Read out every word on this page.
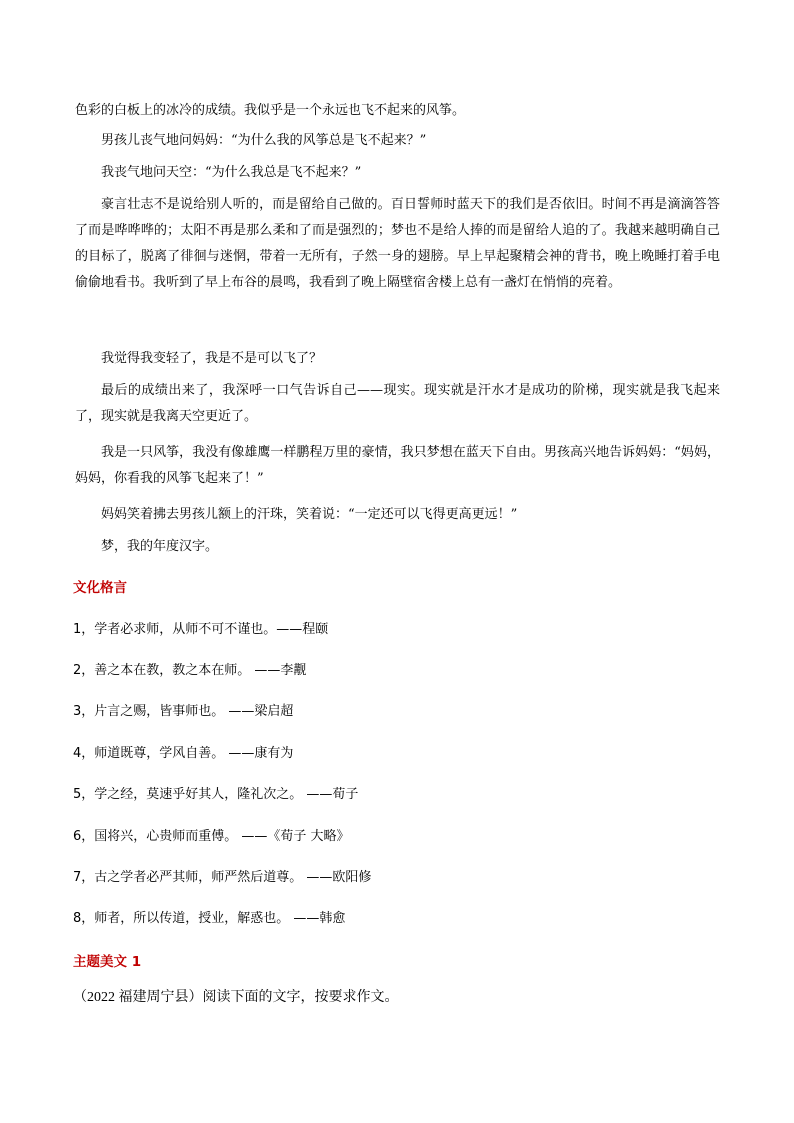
色彩的白板上的冰冷的成绩。我似乎是一个永远也飞不起来的风筝。

男孩儿丧气地问妈妈：“为什么我的风筝总是飞不起来？”

我丧气地问天空：“为什么我总是飞不起来？”

豪言壮志不是说给别人听的，而是留给自己做的。百日誓师时蓝天下的我们是否依旧。时间不再是滴滴答答了而是哗哗哗的；太阳不再是那么柔和了而是强烈的；梦也不是给人捧的而是留给人追的了。我越来越明确自己的目标了，脱离了徘徊与迷惘，带着一无所有，子然一身的翅膀。早上早起聚精会神的背书，晚上晚睡打着手电偷偷地看书。我听到了早上布谷的晨鸣，我看到了晚上隔壁宿舍楼上总有一盏灯在悄悄的亮着。

我觉得我变轻了，我是不是可以飞了？

最后的成绩出来了，我深呼一口气告诉自己——现实。现实就是汗水才是成功的阶梯，现实就是我飞起来了，现实就是我离天空更近了。

我是一只风筝，我没有像雄鹰一样鹏程万里的豪情，我只梦想在蓝天下自由。男孩高兴地告诉妈妈：“妈妈，妈妈，你看我的风筝飞起来了！”

妈妈笑着拂去男孩儿额上的汗珠，笑着说：“一定还可以飞得更高更远！”

梦，我的年度汉字。

文化格言

1，学者必求师，从师不可不谨也。——程颐

2，善之本在教，教之本在师。 ——李觏

3，片言之赐，皆事师也。 ——梁启超

4，师道既尊，学风自善。 ——康有为

5，学之经，莫速乎好其人，隆礼次之。 ——荀子

6，国将兴，心贵师而重傅。 ——《荀子 大略》

7，古之学者必严其师，师严然后道尊。 ——欧阳修

8，师者，所以传道，授业，解惑也。 ——韩愈

主题美文 1

（2022 福建周宁县）阅读下面的文字，按要求作文。
